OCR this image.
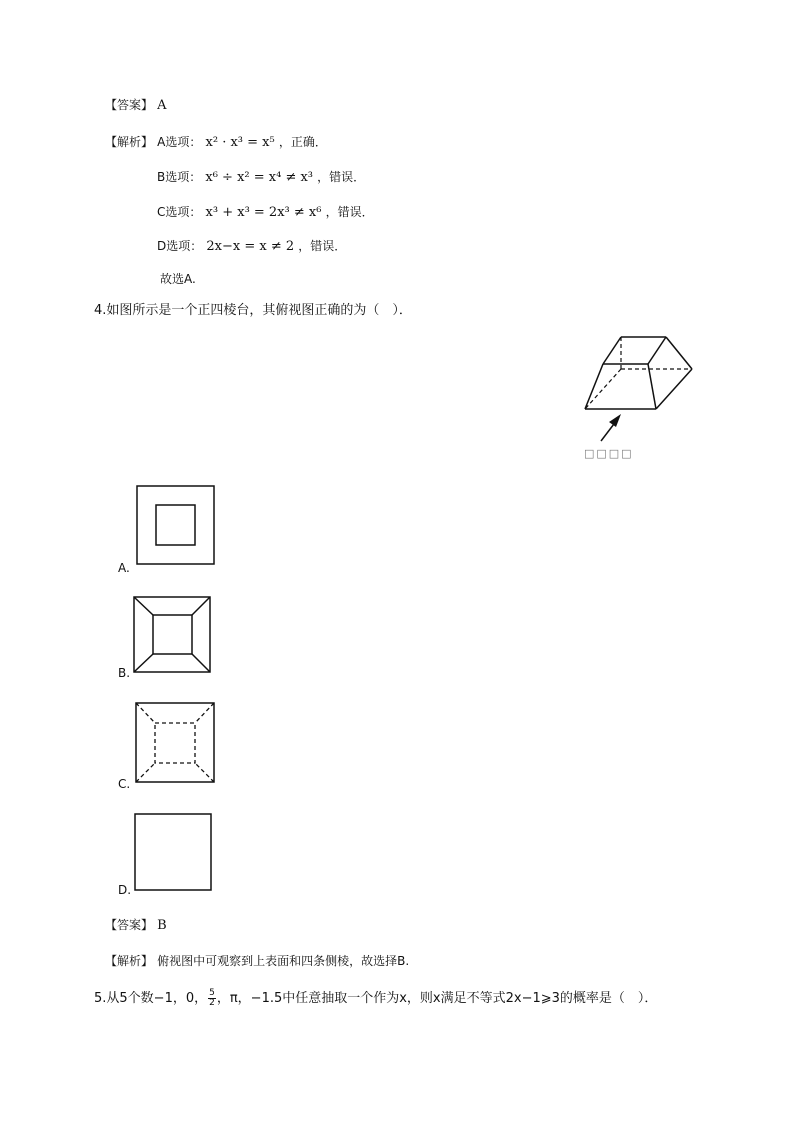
【答案】 A
【解析】 A选项： x² · x³ = x⁵ ，正确．
B选项： x⁶ ÷ x² = x⁴ ≠ x³ ，错误．
C选项： x³ + x³ = 2x³ ≠ x⁶ ，错误．
D选项： 2x−x = x ≠ 2 ，错误．
故选A.
4.如图所示是一个正四棱台，其俯视图正确的为（　）．
□□□□
A.
B.
C.
D.
【答案】 B
【解析】 俯视图中可观察到上表面和四条侧棱，故选择B.
5.从5个数−1，0， $\frac{5}{2}$ ，π，−1.5中任意抽取一个作为x，则x满足不等式2x−1⩾3的概率是（　）．
